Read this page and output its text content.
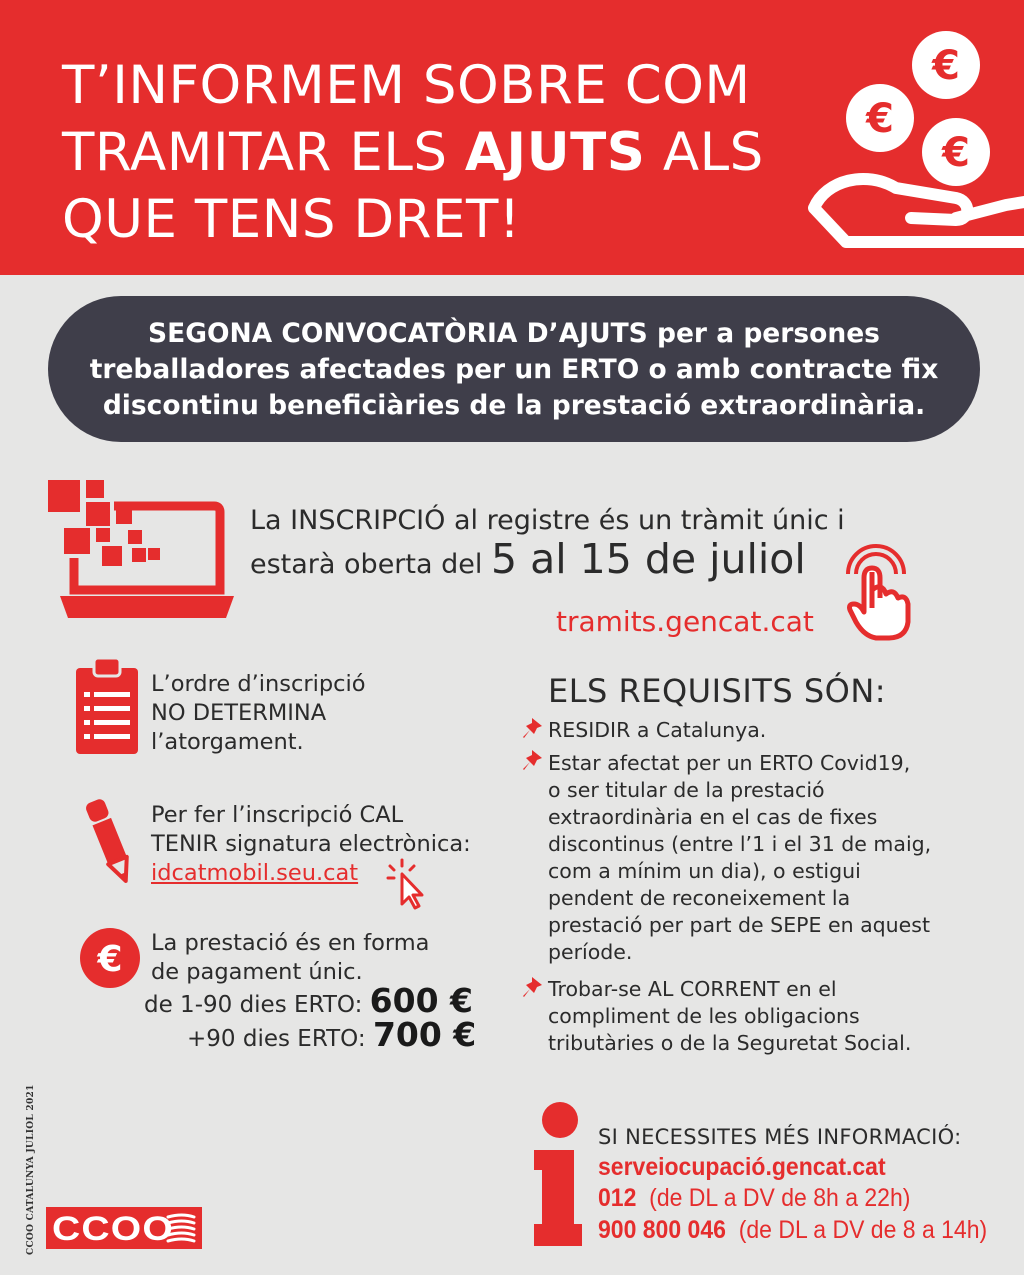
T’INFORMEM SOBRE COM
TRAMITAR ELS AJUTS ALS
QUE TENS DRET!
€
€
€
SEGONA CONVOCATÒRIA D’AJUTS per a persones
treballadores afectades per un ERTO o amb contracte fix
discontinu beneficiàries de la prestació extraordinària.
La INSCRIPCIÓ al registre és un tràmit únic i
estarà oberta del 5 al 15 de juliol
tramits.gencat.cat
L’ordre d’inscripció
NO DETERMINA
l’atorgament.
Per fer l’inscripció CAL
TENIR signatura electrònica:
idcatmobil.seu.cat
€ La prestació és en forma
de pagament únic.
de 1-90 dies ERTO: 600 €
+90 dies ERTO: 700 €
ELS REQUISITS SÓN:
RESIDIR a Catalunya.
Estar afectat per un ERTO Covid19,
o ser titular de la prestació
extraordinària en el cas de fixes
discontinus (entre l’1 i el 31 de maig,
com a mínim un dia), o estigui
pendent de reconeixement la
prestació per part de SEPE en aquest
període.
Trobar-se AL CORRENT en el
compliment de les obligacions
tributàries o de la Seguretat Social.
SI NECESSITES MÉS INFORMACIÓ:
serveiocupació.gencat.cat
012 (de DL a DV de 8h a 22h)
900 800 046 (de DL a DV de 8 a 14h)
CCOO CATALUNYA JULIOL 2021 CCOO
